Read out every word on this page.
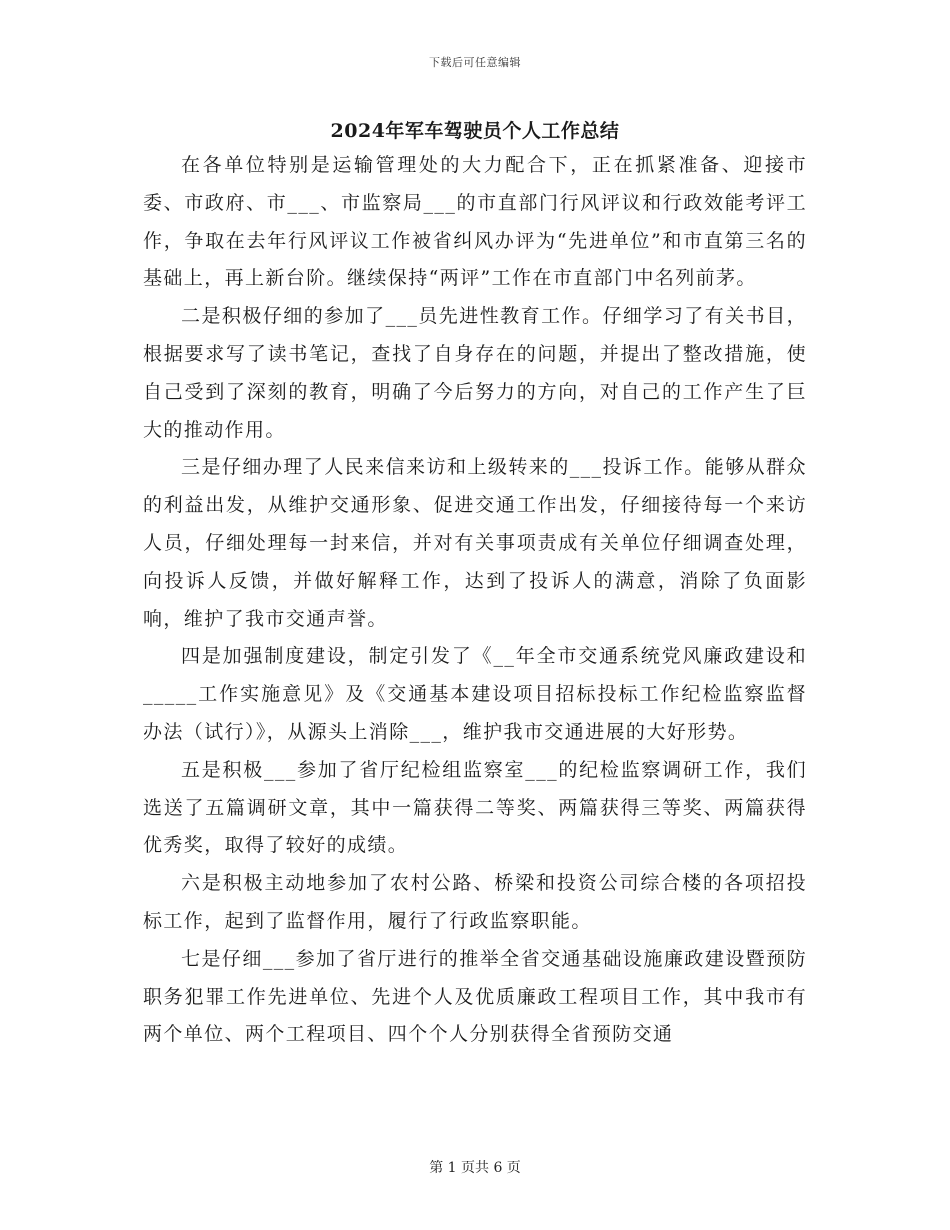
下载后可任意编辑
2024年军车驾驶员个人工作总结

在各单位特别是运输管理处的大力配合下，正在抓紧准备、迎接市委、市政府、市___、市监察局___的市直部门行风评议和行政效能考评工作，争取在去年行风评议工作被省纠风办评为“先进单位”和市直第三名的基础上，再上新台阶。继续保持“两评”工作在市直部门中名列前茅。

二是积极仔细的参加了___员先进性教育工作。仔细学习了有关书目，根据要求写了读书笔记，查找了自身存在的问题，并提出了整改措施，使自己受到了深刻的教育，明确了今后努力的方向，对自己的工作产生了巨大的推动作用。

三是仔细办理了人民来信来访和上级转来的___投诉工作。能够从群众的利益出发，从维护交通形象、促进交通工作出发，仔细接待每一个来访人员，仔细处理每一封来信，并对有关事项责成有关单位仔细调查处理，向投诉人反馈，并做好解释工作，达到了投诉人的满意，消除了负面影响，维护了我市交通声誉。

四是加强制度建设，制定引发了《__年全市交通系统党风廉政建设和_____工作实施意见》及《交通基本建设项目招标投标工作纪检监察监督办法（试行）》，从源头上消除___，维护我市交通进展的大好形势。

五是积极___参加了省厅纪检组监察室___的纪检监察调研工作，我们选送了五篇调研文章，其中一篇获得二等奖、两篇获得三等奖、两篇获得优秀奖，取得了较好的成绩。

六是积极主动地参加了农村公路、桥梁和投资公司综合楼的各项招投标工作，起到了监督作用，履行了行政监察职能。

七是仔细___参加了省厅进行的推举全省交通基础设施廉政建设暨预防职务犯罪工作先进单位、先进个人及优质廉政工程项目工作，其中我市有两个单位、两个工程项目、四个个人分别获得全省预防交通

第 1 页共 6 页
